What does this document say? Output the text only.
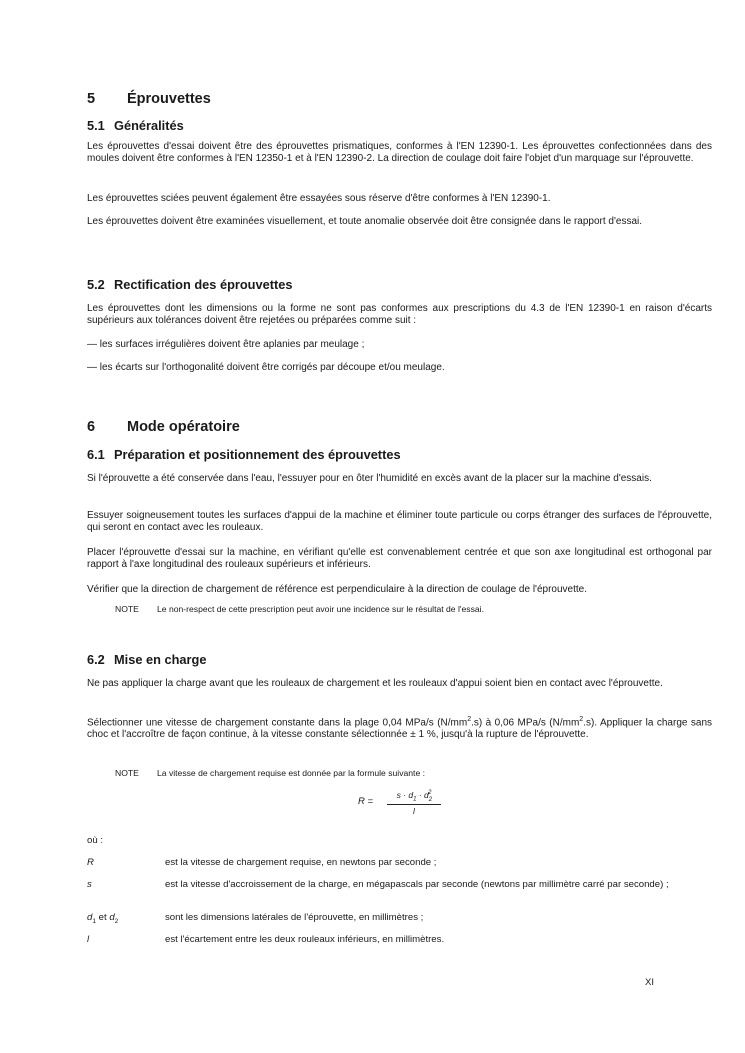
5 Éprouvettes
5.1 Généralités
Les éprouvettes d'essai doivent être des éprouvettes prismatiques, conformes à l'EN 12390-1. Les éprouvettes confectionnées dans des moules doivent être conformes à l'EN 12350-1 et à l'EN 12390-2. La direction de coulage doit faire l'objet d'un marquage sur l'éprouvette.
Les éprouvettes sciées peuvent également être essayées sous réserve d'être conformes à l'EN 12390-1.
Les éprouvettes doivent être examinées visuellement, et toute anomalie observée doit être consignée dans le rapport d'essai.
5.2 Rectification des éprouvettes
Les éprouvettes dont les dimensions ou la forme ne sont pas conformes aux prescriptions du 4.3 de l'EN 12390-1 en raison d'écarts supérieurs aux tolérances doivent être rejetées ou préparées comme suit :
— les surfaces irrégulières doivent être aplanies par meulage ;
— les écarts sur l'orthogonalité doivent être corrigés par découpe et/ou meulage.
6 Mode opératoire
6.1 Préparation et positionnement des éprouvettes
Si l'éprouvette a été conservée dans l'eau, l'essuyer pour en ôter l'humidité en excès avant de la placer sur la machine d'essais.
Essuyer soigneusement toutes les surfaces d'appui de la machine et éliminer toute particule ou corps étranger des surfaces de l'éprouvette, qui seront en contact avec les rouleaux.
Placer l'éprouvette d'essai sur la machine, en vérifiant qu'elle est convenablement centrée et que son axe longitudinal est orthogonal par rapport à l'axe longitudinal des rouleaux supérieurs et inférieurs.
Vérifier que la direction de chargement de référence est perpendiculaire à la direction de coulage de l'éprouvette.
NOTE Le non-respect de cette prescription peut avoir une incidence sur le résultat de l'essai.
6.2 Mise en charge
Ne pas appliquer la charge avant que les rouleaux de chargement et les rouleaux d'appui soient bien en contact avec l'éprouvette.
Sélectionner une vitesse de chargement constante dans la plage 0,04 MPa/s $(N/mm^2.s)$ à 0,06 MPa/s $(N/mm^2.s)$. Appliquer la charge sans choc et l'accroître de façon continue, à la vitesse constante sélectionnée ± 1 %, jusqu'à la rupture de l'éprouvette.
NOTE La vitesse de chargement requise est donnée par la formule suivante :
R =
$s \cdot d_1 \cdot d_2^2$
l
où :
R	est la vitesse de chargement requise, en newtons par seconde ;
s	est la vitesse d'accroissement de la charge, en mégapascals par seconde (newtons par millimètre carré par seconde) ;
$d_1$ et $d_2$	sont les dimensions latérales de l'éprouvette, en millimètres ;
l	est l'écartement entre les deux rouleaux inférieurs, en millimètres.
XI
